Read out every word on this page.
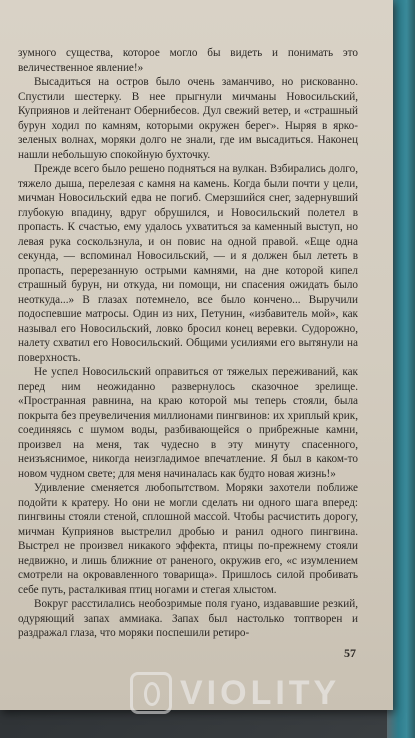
зумного существа, которое могло бы видеть и понимать это величественное явление!»

Высадиться на остров было очень заманчиво, но рискованно. Спустили шестерку. В нее прыгнули мичманы Новосильский, Куприянов и лейтенант Обернибесов. Дул свежий ветер, и «страшный бурун ходил по камням, которыми окружен берег». Ныряя в ярко-зеленых волнах, моряки долго не знали, где им высадиться. Наконец нашли небольшую спокойную бухточку.

Прежде всего было решено подняться на вулкан. Взбирались долго, тяжело дыша, перелезая с камня на камень. Когда были почти у цели, мичман Новосильский едва не погиб. Смерзшийся снег, задернувший глубокую впадину, вдруг обрушился, и Новосильский полетел в пропасть. К счастью, ему удалось ухватиться за каменный выступ, но левая рука соскользнула, и он повис на одной правой. «Еще одна секунда, — вспоминал Новосильский, — и я должен был лететь в пропасть, перерезанную острыми камнями, на дне которой кипел страшный бурун, ни откуда, ни помощи, ни спасения ожидать было неоткуда...» В глазах потемнело, все было кончено... Выручили подоспевшие матросы. Один из них, Петунин, «избавитель мой», как называл его Новосильский, ловко бросил конец веревки. Судорожно, налету схватил его Новосильский. Общими усилиями его вытянули на поверхность.

Не успел Новосильский оправиться от тяжелых переживаний, как перед ним неожиданно развернулось сказочное зрелище. «Пространная равнина, на краю которой мы теперь стояли, была покрыта без преувеличения миллионами пингвинов: их хриплый крик, соединяясь с шумом воды, разбивающейся о прибрежные камни, произвел на меня, так чудесно в эту минуту спасенного, неизъяснимое, никогда неизгладимое впечатление. Я был в каком-то новом чудном свете; для меня начиналась как будто новая жизнь!»

Удивление сменяется любопытством. Моряки захотели поближе подойти к кратеру. Но они не могли сделать ни одного шага вперед: пингвины стояли стеной, сплошной массой. Чтобы расчистить дорогу, мичман Куприянов выстрелил дробью и ранил одного пингвина. Выстрел не произвел никакого эффекта, птицы по-прежнему стояли недвижно, и лишь ближние от раненого, окружив его, «с изумлением смотрели на окровавленного товарища». Пришлось силой пробивать себе путь, расталкивая птиц ногами и стегая хлыстом.

Вокруг расстилались необозримые поля гуано, издававшие резкий, одуряющий запах аммиака. Запах был настолько топтворен и раздражал глаза, что моряки поспешили ретиро-

57
VIOLITY
